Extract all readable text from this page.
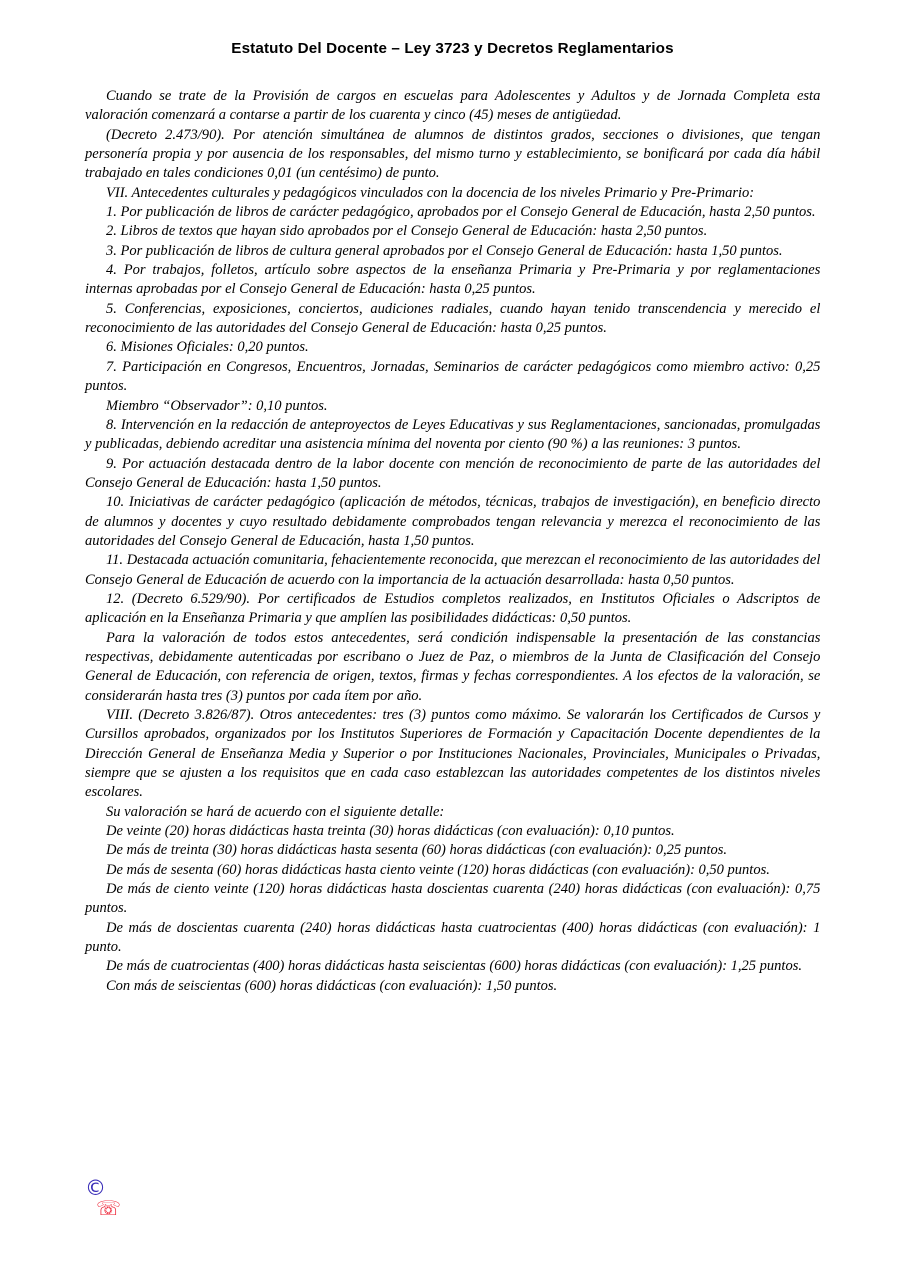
Estatuto Del Docente – Ley 3723 y Decretos Reglamentarios

Cuando se trate de la Provisión de cargos en escuelas para Adolescentes y Adultos y de Jornada Completa esta valoración comenzará a contarse a partir de los cuarenta y cinco (45) meses de antigüedad.

(Decreto 2.473/90). Por atención simultánea de alumnos de distintos grados, secciones o divisiones, que tengan personería propia y por ausencia de los responsables, del mismo turno y establecimiento, se bonificará por cada día hábil trabajado en tales condiciones 0,01 (un centésimo) de punto.

VII. Antecedentes culturales y pedagógicos vinculados con la docencia de los niveles Primario y Pre-Primario:

1. Por publicación de libros de carácter pedagógico, aprobados por el Consejo General de Educación, hasta 2,50 puntos.

2. Libros de textos que hayan sido aprobados por el Consejo General de Educación: hasta 2,50 puntos.

3. Por publicación de libros de cultura general aprobados por el Consejo General de Educación: hasta 1,50 puntos.

4. Por trabajos, folletos, artículo sobre aspectos de la enseñanza Primaria y Pre-Primaria y por reglamentaciones internas aprobadas por el Consejo General de Educación: hasta 0,25 puntos.

5. Conferencias, exposiciones, conciertos, audiciones radiales, cuando hayan tenido transcendencia y merecido el reconocimiento de las autoridades del Consejo General de Educación: hasta 0,25 puntos.

6. Misiones Oficiales: 0,20 puntos.

7. Participación en Congresos, Encuentros, Jornadas, Seminarios de carácter pedagógicos como miembro activo: 0,25 puntos.

Miembro “Observador”: 0,10 puntos.

8. Intervención en la redacción de anteproyectos de Leyes Educativas y sus Reglamentaciones, sancionadas, promulgadas y publicadas, debiendo acreditar una asistencia mínima del noventa por ciento (90 %) a las reuniones: 3 puntos.

9. Por actuación destacada dentro de la labor docente con mención de reconocimiento de parte de las autoridades del Consejo General de Educación: hasta 1,50 puntos.

10. Iniciativas de carácter pedagógico (aplicación de métodos, técnicas, trabajos de investigación), en beneficio directo de alumnos y docentes y cuyo resultado debidamente comprobados tengan relevancia y merezca el reconocimiento de las autoridades del Consejo General de Educación, hasta 1,50 puntos.

11. Destacada actuación comunitaria, fehacientemente reconocida, que merezcan el reconocimiento de las autoridades del Consejo General de Educación de acuerdo con la importancia de la actuación desarrollada: hasta 0,50 puntos.

12. (Decreto 6.529/90). Por certificados de Estudios completos realizados, en Institutos Oficiales o Adscriptos de aplicación en la Enseñanza Primaria y que amplíen las posibilidades didácticas: 0,50 puntos.

Para la valoración de todos estos antecedentes, será condición indispensable la presentación de las constancias respectivas, debidamente autenticadas por escribano o Juez de Paz, o miembros de la Junta de Clasificación del Consejo General de Educación, con referencia de origen, textos, firmas y fechas correspondientes. A los efectos de la valoración, se considerarán hasta tres (3) puntos por cada ítem por año.

VIII. (Decreto 3.826/87). Otros antecedentes: tres (3) puntos como máximo. Se valorarán los Certificados de Cursos y Cursillos aprobados, organizados por los Institutos Superiores de Formación y Capacitación Docente dependientes de la Dirección General de Enseñanza Media y Superior o por Instituciones Nacionales, Provinciales, Municipales o Privadas, siempre que se ajusten a los requisitos que en cada caso establezcan las autoridades competentes de los distintos niveles escolares.

Su valoración se hará de acuerdo con el siguiente detalle:

De veinte (20) horas didácticas hasta treinta (30) horas didácticas (con evaluación): 0,10 puntos.

De más de treinta (30) horas didácticas hasta sesenta (60) horas didácticas (con evaluación): 0,25 puntos.

De más de sesenta (60) horas didácticas hasta ciento veinte (120) horas didácticas (con evaluación): 0,50 puntos.

De más de ciento veinte (120) horas didácticas hasta doscientas cuarenta (240) horas didácticas (con evaluación): 0,75 puntos.

De más de doscientas cuarenta (240) horas didácticas hasta cuatrocientas (400) horas didácticas (con evaluación): 1 punto.

De más de cuatrocientas (400) horas didácticas hasta seiscientas (600) horas didácticas (con evaluación): 1,25 puntos.

Con más de seiscientas (600) horas didácticas (con evaluación): 1,50 puntos.

©
☏
